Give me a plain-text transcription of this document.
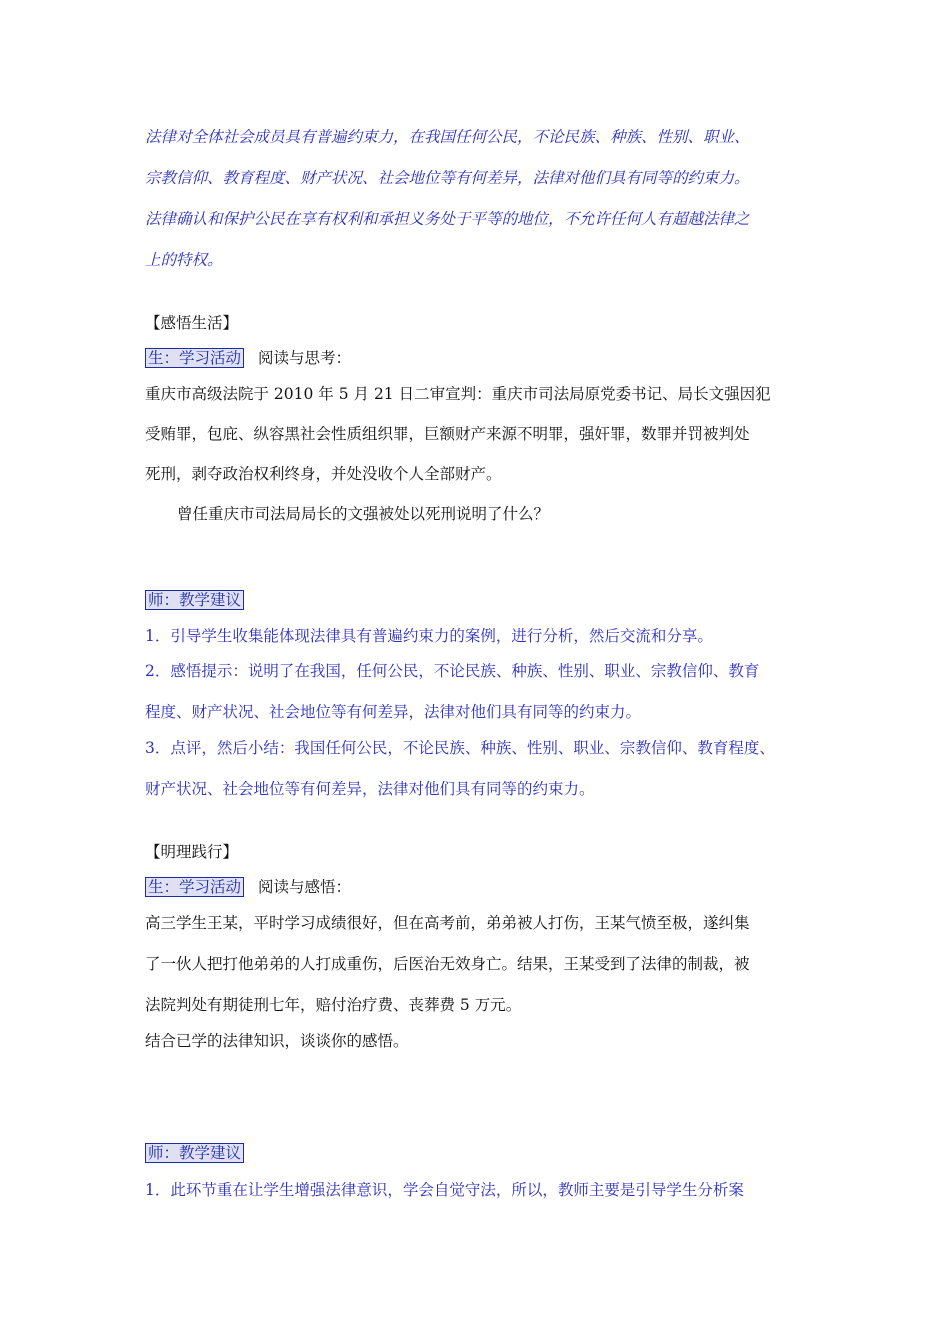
法律对全体社会成员具有普遍约束力，在我国任何公民，不论民族、种族、性别、职业、
宗教信仰、教育程度、财产状况、社会地位等有何差异，法律对他们具有同等的约束力。
法律确认和保护公民在享有权利和承担义务处于平等的地位，不允许任何人有超越法律之
上的特权。
【感悟生活】
生：学习活动 阅读与思考：
重庆市高级法院于 2010 年 5 月 21 日二审宣判：重庆市司法局原党委书记、局长文强因犯
受贿罪，包庇、纵容黑社会性质组织罪，巨额财产来源不明罪，强奸罪，数罪并罚被判处
死刑，剥夺政治权利终身，并处没收个人全部财产。
曾任重庆市司法局局长的文强被处以死刑说明了什么？
师：教学建议
1．引导学生收集能体现法律具有普遍约束力的案例，进行分析，然后交流和分享。
2．感悟提示：说明了在我国，任何公民，不论民族、种族、性别、职业、宗教信仰、教育
程度、财产状况、社会地位等有何差异，法律对他们具有同等的约束力。
3．点评，然后小结：我国任何公民，不论民族、种族、性别、职业、宗教信仰、教育程度、
财产状况、社会地位等有何差异，法律对他们具有同等的约束力。
【明理践行】
生：学习活动 阅读与感悟：
高三学生王某，平时学习成绩很好，但在高考前，弟弟被人打伤，王某气愤至极，遂纠集
了一伙人把打他弟弟的人打成重伤，后医治无效身亡。结果，王某受到了法律的制裁，被
法院判处有期徒刑七年，赔付治疗费、丧葬费 5 万元。
结合已学的法律知识，谈谈你的感悟。
师：教学建议
1．此环节重在让学生增强法律意识，学会自觉守法，所以，教师主要是引导学生分析案
